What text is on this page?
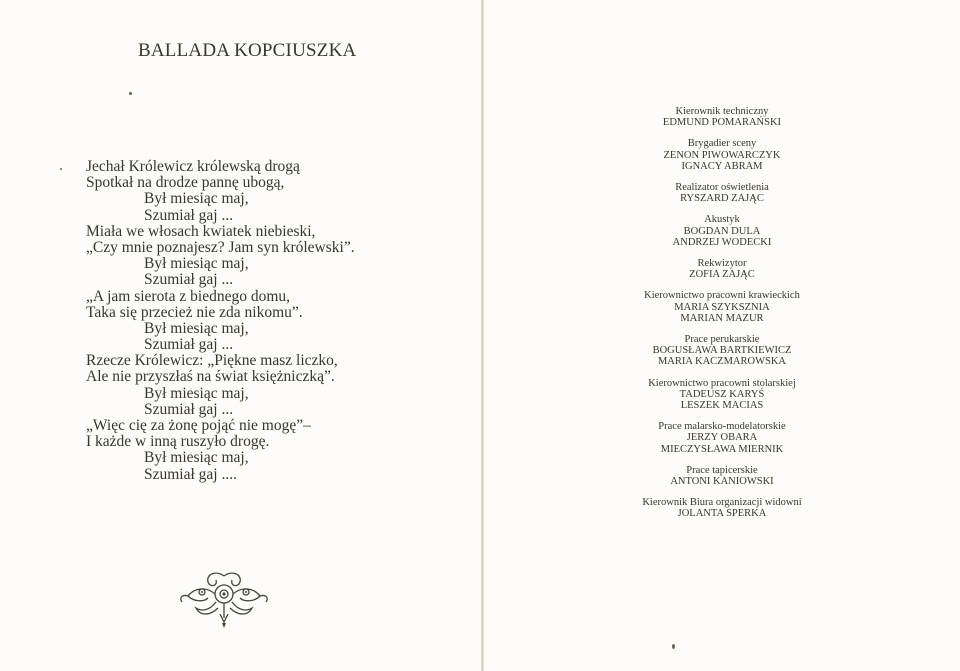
BALLADA KOPCIUSZKA
Jechał Królewicz królewską drogą
Spotkał na drodze pannę ubogą,
Był miesiąc maj,
Szumiał gaj ...
Miała we włosach kwiatek niebieski,
„Czy mnie poznajesz? Jam syn królewski”.
Był miesiąc maj,
Szumiał gaj ...
„A jam sierota z biednego domu,
Taka się przecież nie zda nikomu”.
Był miesiąc maj,
Szumiał gaj ...
Rzecze Królewicz: „Piękne masz liczko,
Ale nie przyszłaś na świat księżniczką”.
Był miesiąc maj,
Szumiał gaj ...
„Więc cię za żonę pojąć nie mogę”–
I każde w inną ruszyło drogę.
Był miesiąc maj,
Szumiał gaj ....
Kierownik techniczny
EDMUND POMARAŃSKI
Brygadier sceny
ZENON PIWOWARCZYK
IGNACY ABRAM
Realizator oświetlenia
RYSZARD ZAJĄC
Akustyk
BOGDAN DULA
ANDRZEJ WODECKI
Rekwizytor
ZOFIA ZAJĄC
Kierownictwo pracowni krawieckich
MARIA SZYKSZNIA
MARIAN MAZUR
Prace perukarskie
BOGUSŁAWA BARTKIEWICZ
MARIA KACZMAROWSKA
Kierownictwo pracowni stolarskiej
TADEUSZ KARYŚ
LESZEK MACIAS
Prace malarsko-modelatorskie
JERZY OBARA
MIECZYSŁAWA MIERNIK
Prace tapicerskie
ANTONI KANIOWSKI
Kierownik Biura organizacji widowni
JOLANTA SPERKA
